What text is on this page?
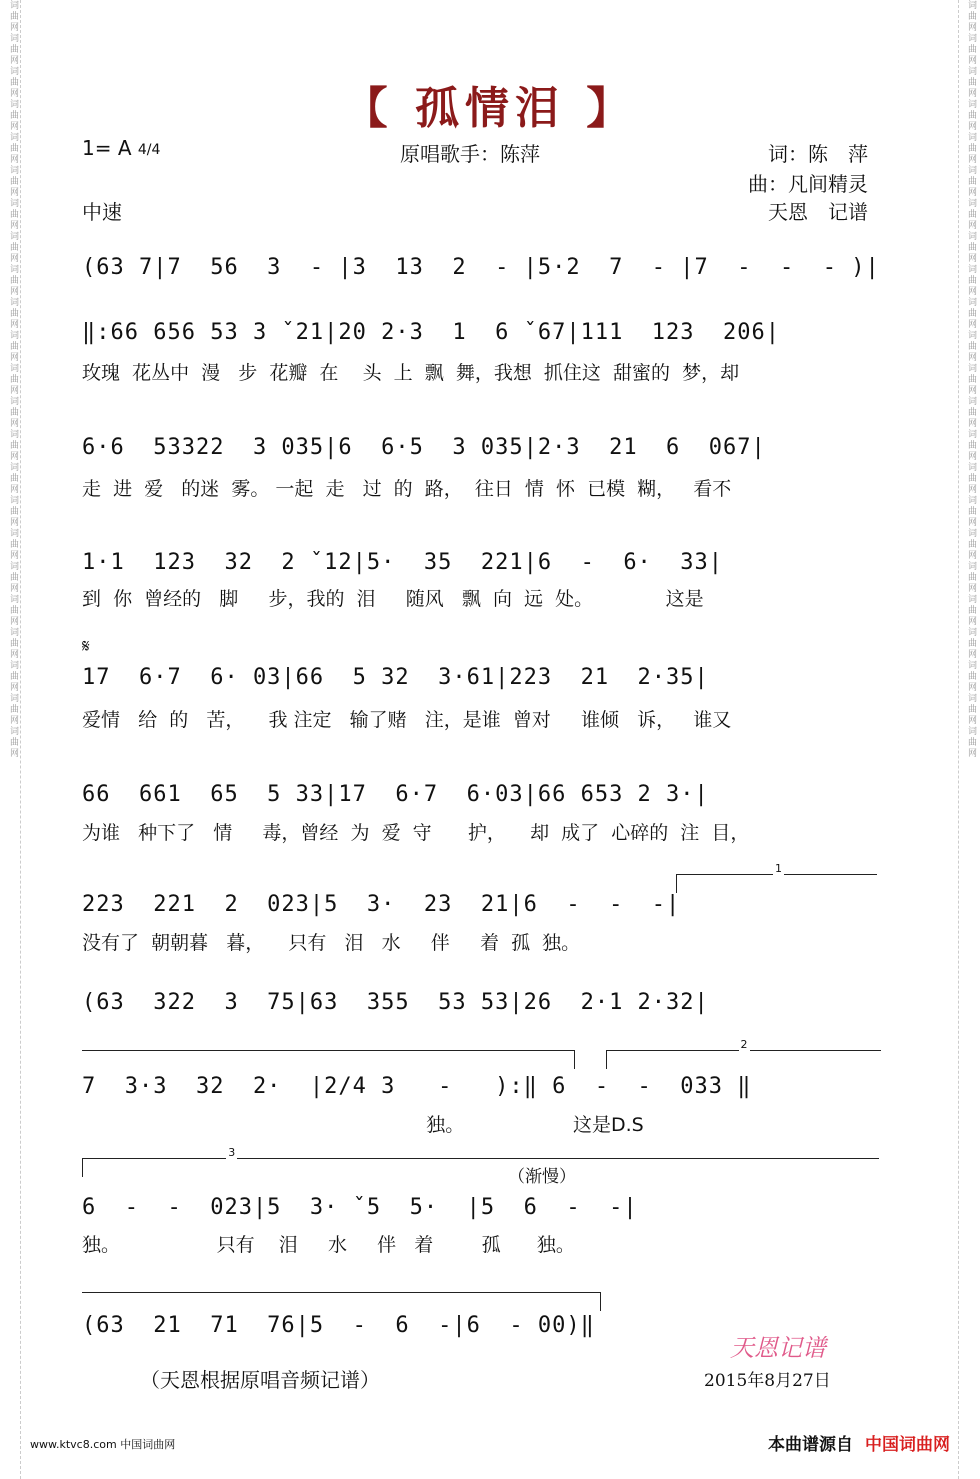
词曲网词曲网词曲网词曲网词曲网词曲网词曲网词曲网词曲网词曲网词曲网词曲网词曲网词曲网词曲网词曲网词曲网词曲网词曲网词曲网词曲网词曲网词曲网	词曲网词曲网词曲网词曲网词曲网词曲网词曲网词曲网词曲网词曲网词曲网词曲网词曲网词曲网词曲网词曲网词曲网词曲网词曲网词曲网词曲网词曲网词曲网
【 孤情泪 】
1= A 4/4	原唱歌手：陈萍	词：陈　萍
曲：凡间精灵
中速	天恩　记谱
(63 7|7  56  3  - |3  13  2  - |5·2  7  - |7  -  -  - )|
‖:66 656 53 3 ˇ21|20 2·3  1  6 ˇ67|111  123  206|
玫瑰  花丛中  漫   步  花瓣  在    头  上  飘  舞，我想  抓住这  甜蜜的  梦，却
6·6  53322  3 035|6  6·5  3 035|2·3  21  6  067|
走  进  爱   的迷  雾。 一起  走   过  的  路，  往日  情  怀  已模  糊，   看不
1·1  123  32  2 ˇ12|5·  35  221|6  -  6·  33|
到  你  曾经的   脚     步，我的  泪     随风   飘  向  远  处。            这是
𝄋
17  6·7  6· 03|66  5 32  3·61|223  21  2·35|
爱情   给  的   苦，    我 注定   输了赌   注，是谁  曾对     谁倾   诉，   谁又
66  661  65  5 33|17  6·7  6·03|66 653 2 3·|
为谁   种下了   情     毒，曾经  为  爱  守      护，    却  成了  心碎的  注  目，
1
223  221  2  023|5  3·  23  21|6  -  -  -|
没有了  朝朝暮   暮，    只有   泪   水     伴     着  孤  独。
(63  322  3  75|63  355  53 53|26  2·1 2·32|
2
7  3·3  32  2·  |2/4 3   -   ):‖ 6  -  -  033 ‖
独。                  这是D.S
3
（渐慢）
6  -  -  023|5  3· ˇ5  5·  |5  6  -  -|
独。                只有    泪     水     伴   着        孤      独。
(63  21  71  76|5  -  6  -|6  - 00)‖
（天恩根据原唱音频记谱）
天恩记谱
2015年8月27日
www.ktvc8.com 中国词曲网	本曲谱源自 中国词曲网
